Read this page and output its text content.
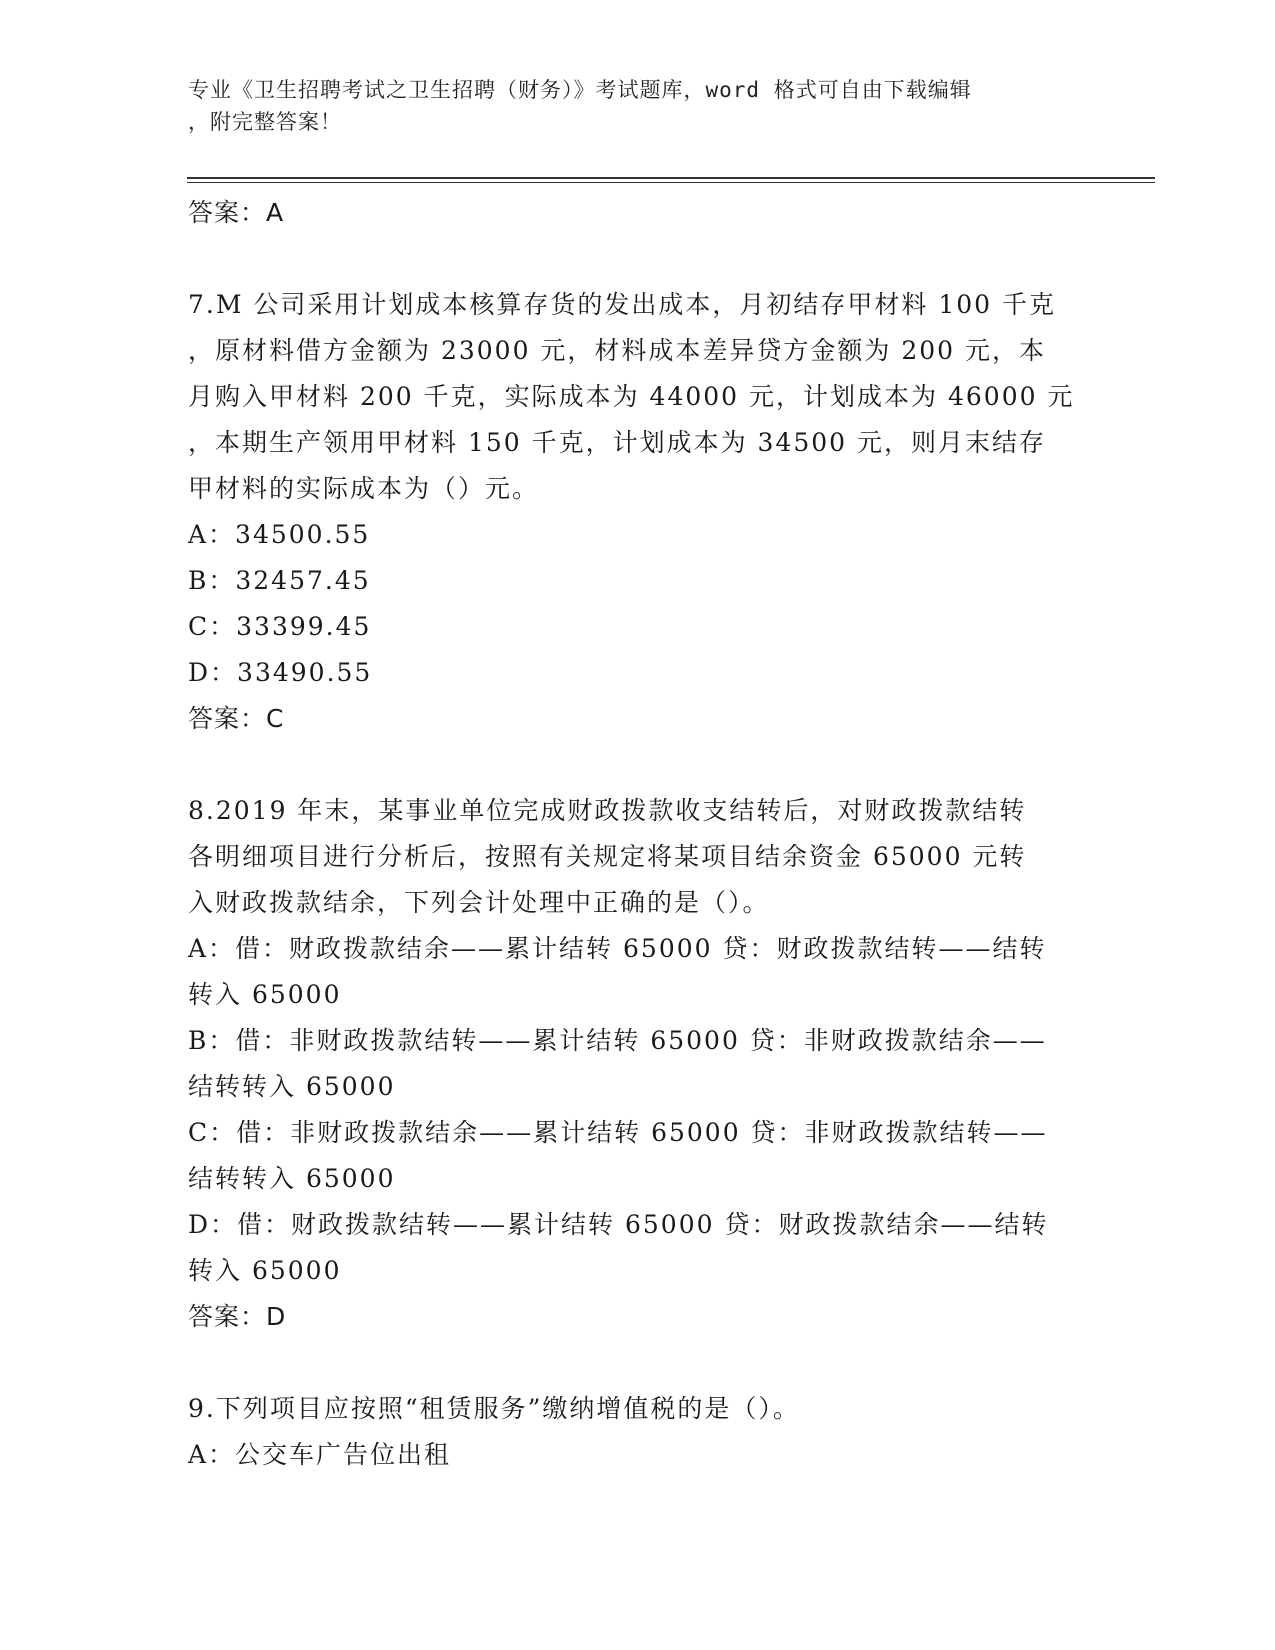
专业《卫生招聘考试之卫生招聘（财务）》考试题库，word 格式可自由下载编辑
，附完整答案！

答案：A

7.M 公司采用计划成本核算存货的发出成本，月初结存甲材料 100 千克

，原材料借方金额为 23000 元，材料成本差异贷方金额为 200 元，本

月购入甲材料 200 千克，实际成本为 44000 元，计划成本为 46000 元

，本期生产领用甲材料 150 千克，计划成本为 34500 元，则月末结存

甲材料的实际成本为（）元。

A：34500.55

B：32457.45

C：33399.45

D：33490.55

答案：C

8.2019 年末，某事业单位完成财政拨款收支结转后，对财政拨款结转

各明细项目进行分析后，按照有关规定将某项目结余资金 65000 元转

入财政拨款结余，下列会计处理中正确的是（）。

A：借：财政拨款结余——累计结转 65000 贷：财政拨款结转——结转

转入 65000

B：借：非财政拨款结转——累计结转 65000 贷：非财政拨款结余——

结转转入 65000

C：借：非财政拨款结余——累计结转 65000 贷：非财政拨款结转——

结转转入 65000

D：借：财政拨款结转——累计结转 65000 贷：财政拨款结余——结转

转入 65000

答案：D

9.下列项目应按照“租赁服务”缴纳增值税的是（）。

A：公交车广告位出租
